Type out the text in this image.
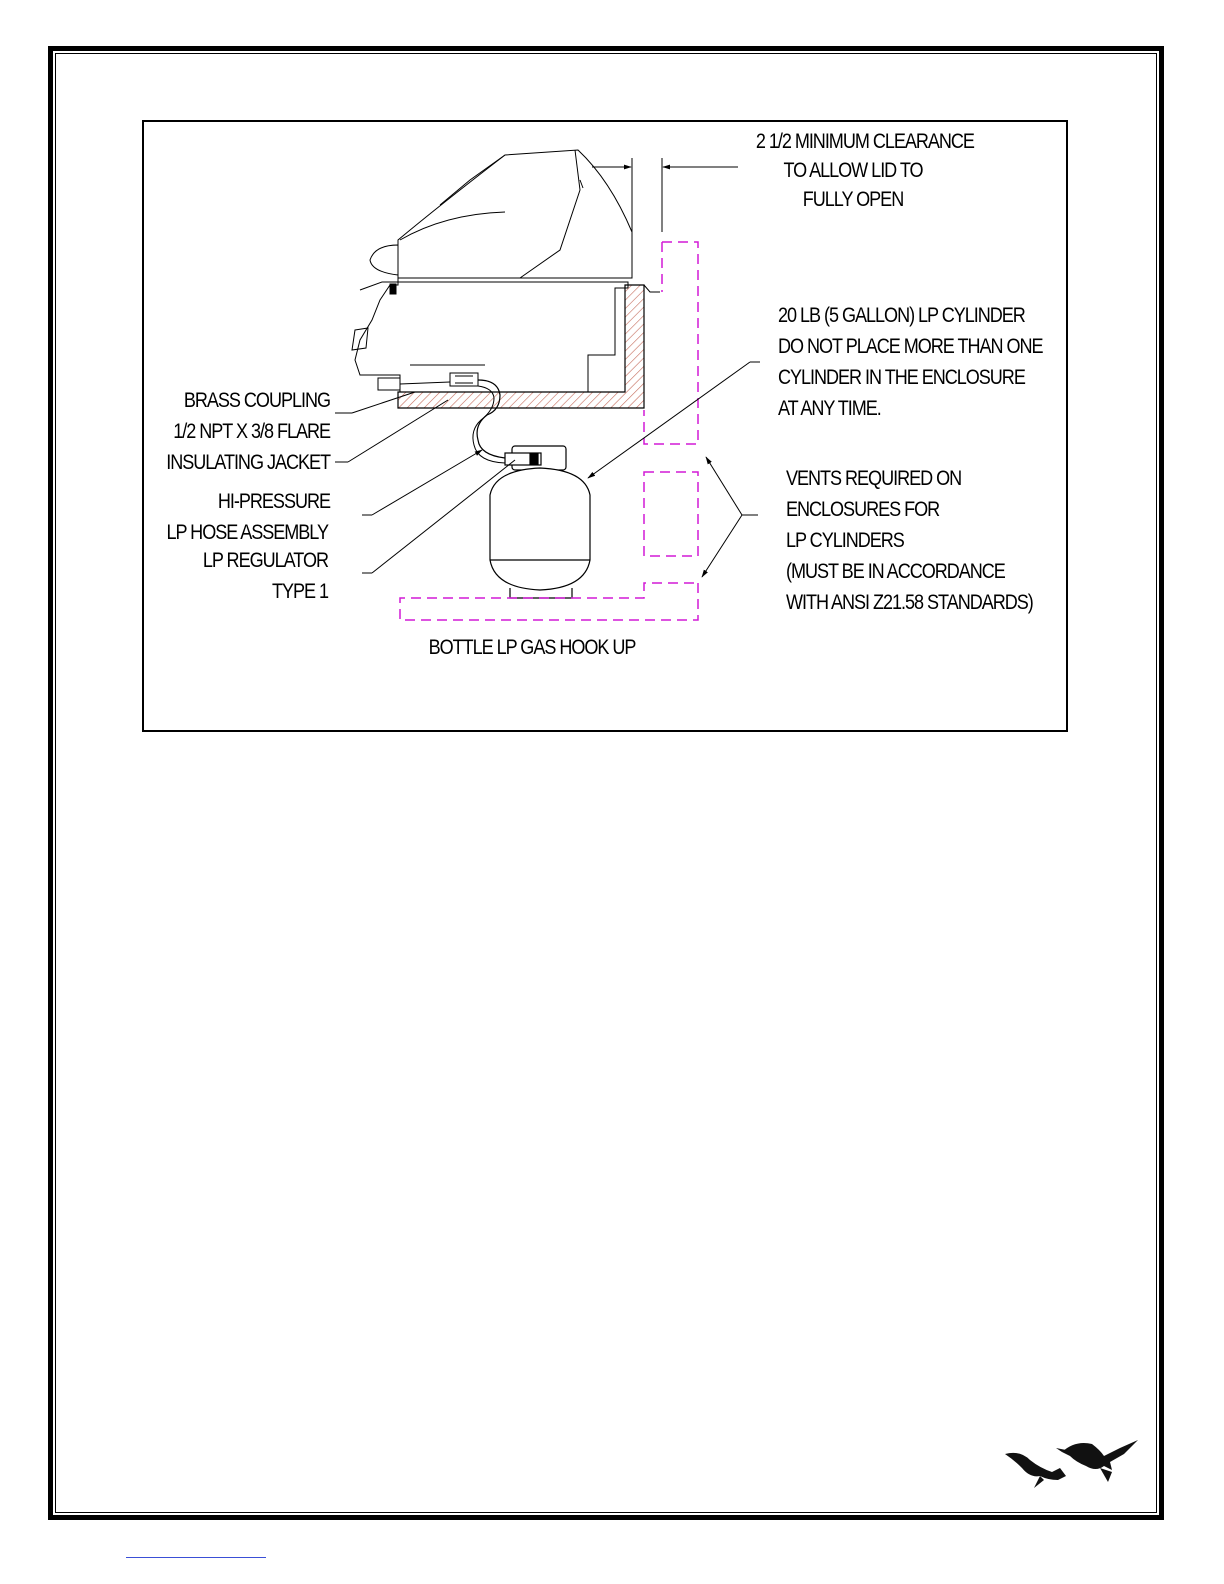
2 1/2 MINIMUM CLEARANCE
TO ALLOW LID TO
FULLY OPEN
20 LB (5 GALLON) LP CYLINDER
DO NOT PLACE MORE THAN ONE
CYLINDER IN THE ENCLOSURE
AT ANY TIME.
VENTS REQUIRED ON
ENCLOSURES FOR
LP CYLINDERS
(MUST BE IN ACCORDANCE
WITH ANSI Z21.58 STANDARDS)
BRASS COUPLING
1/2 NPT X 3/8 FLARE
INSULATING JACKET
HI-PRESSURE
LP HOSE ASSEMBLY
LP REGULATOR
TYPE 1
BOTTLE LP GAS HOOK UP
